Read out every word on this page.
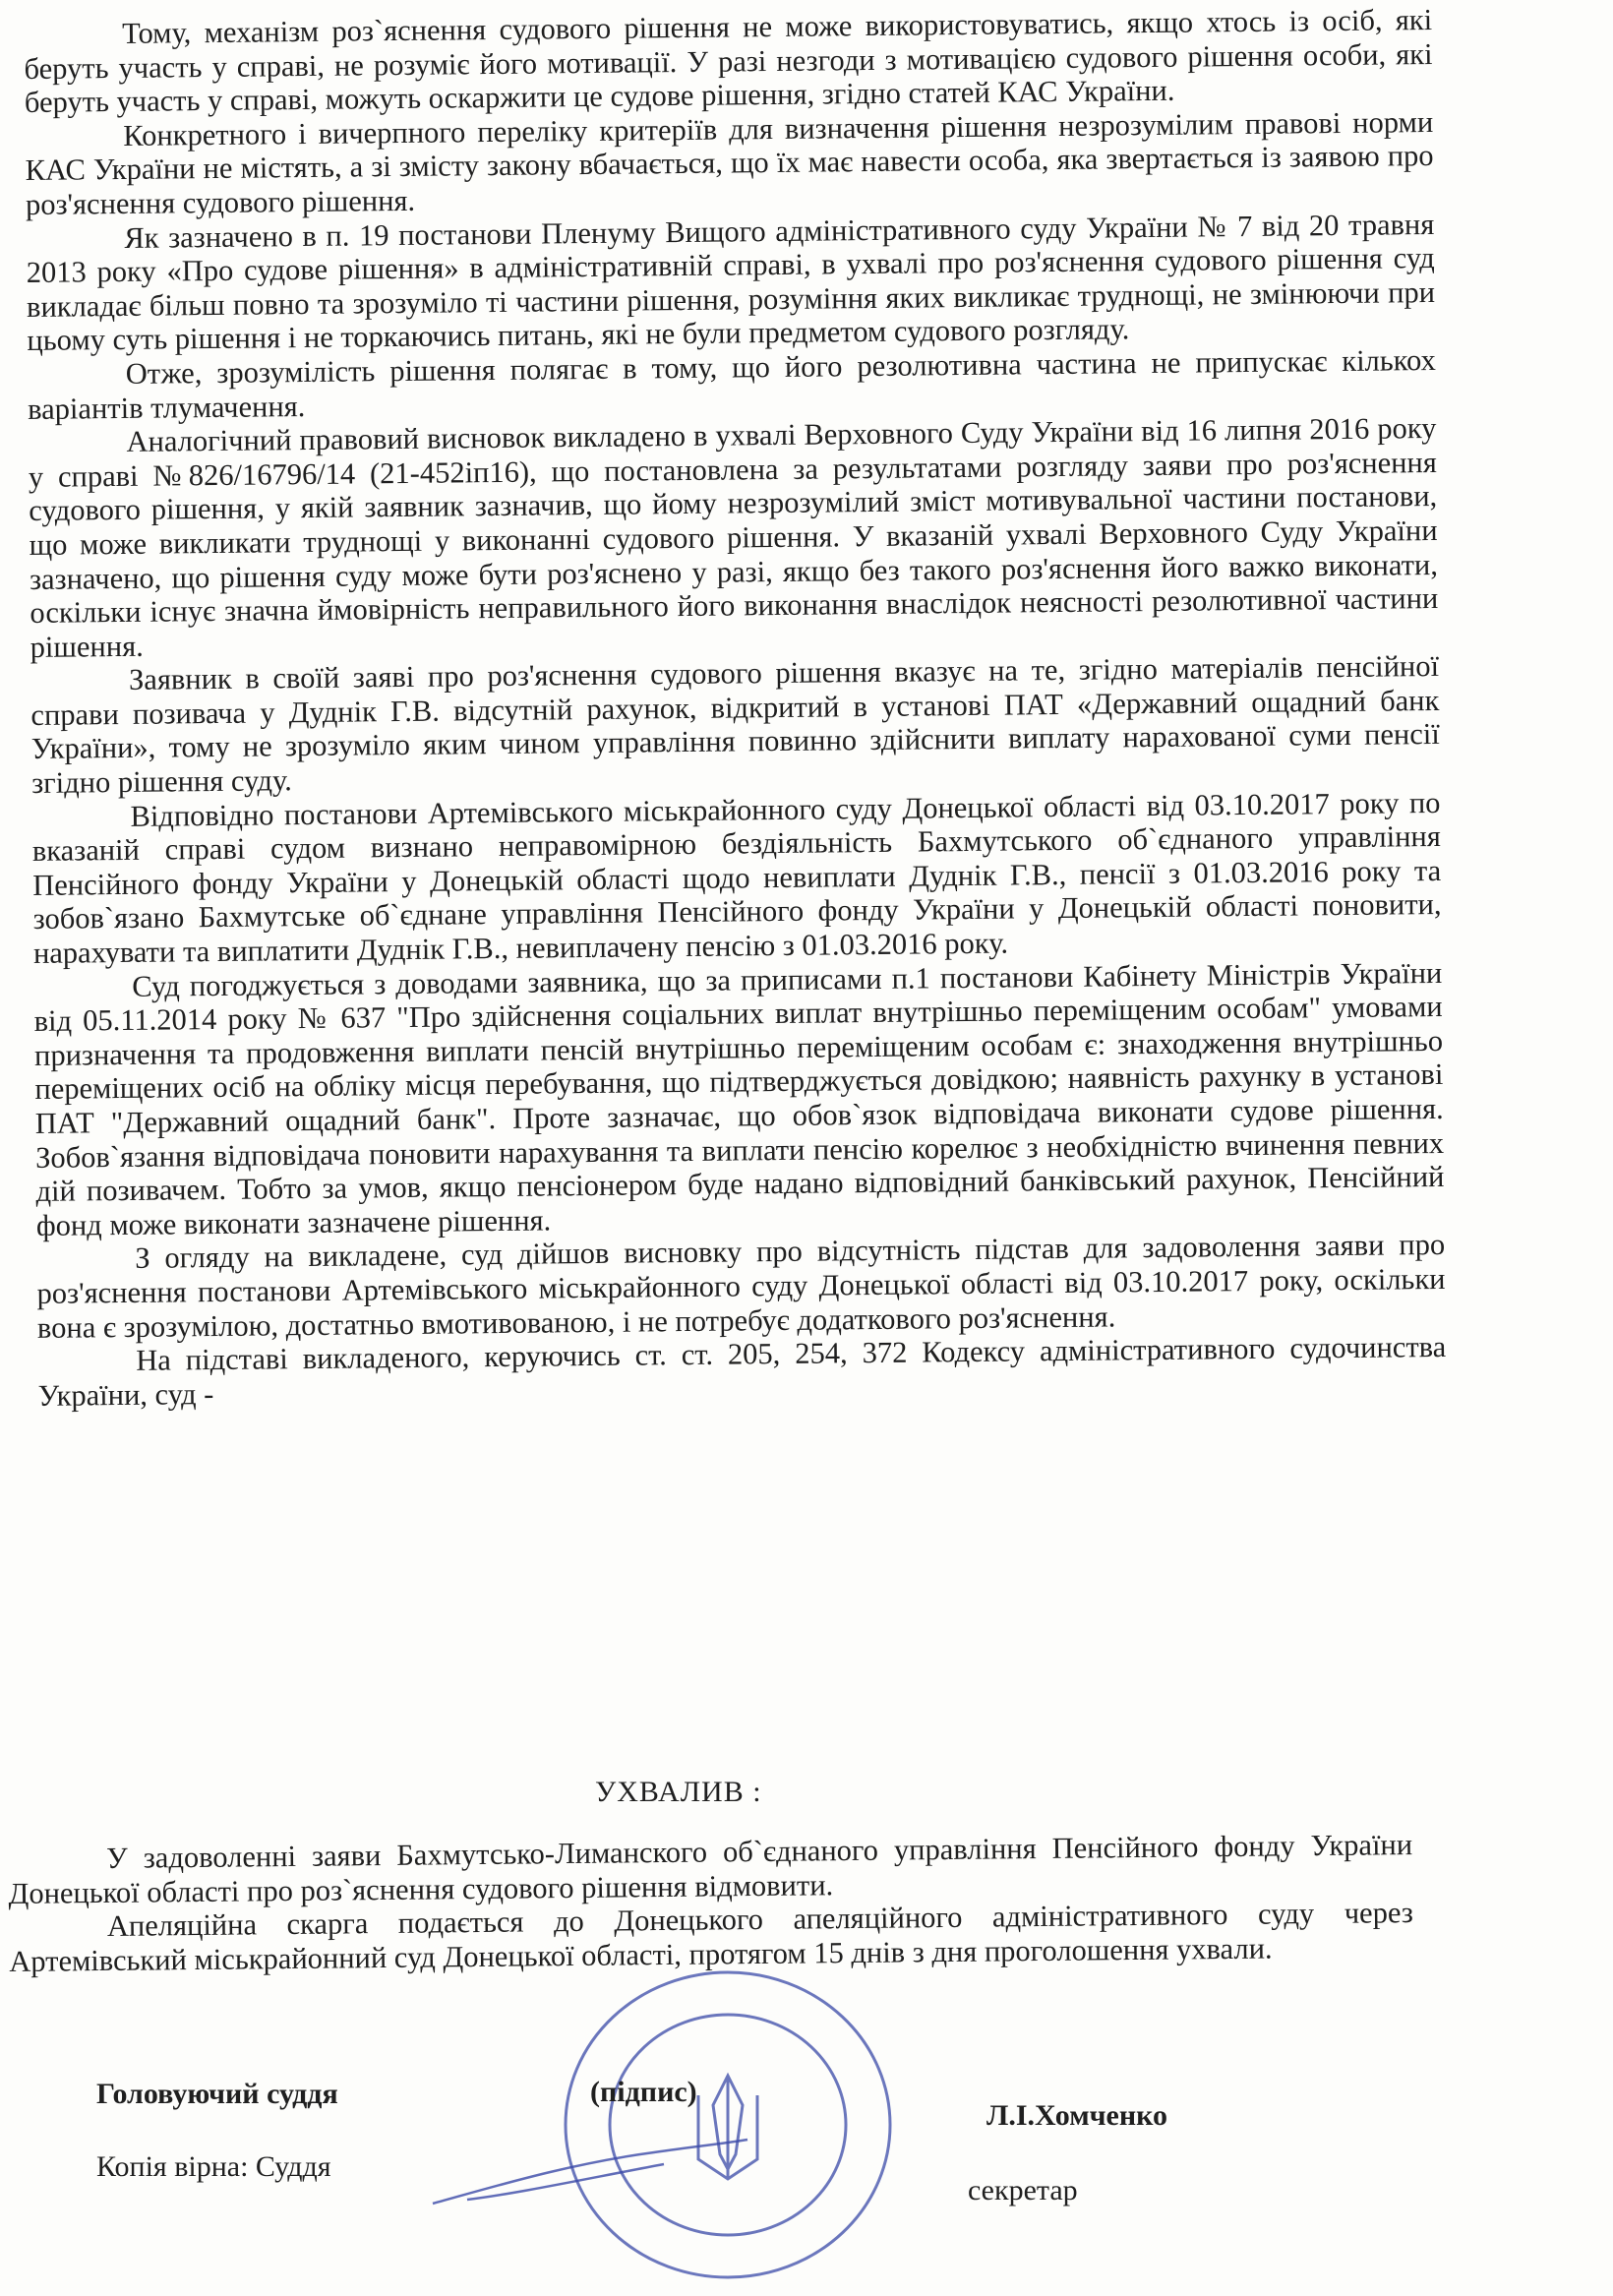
Тому, механізм роз`яснення судового рішення не може використовуватись, якщо хтось із осіб, які беруть участь у справі, не розуміє його мотивації. У разі незгоди з мотивацією судового рішення особи, які беруть участь у справі, можуть оскаржити це судове рішення, згідно статей КАС України.

Конкретного і вичерпного переліку критеріїв для визначення рішення незрозумілим правові норми КАС України не містять, а зі змісту закону вбачається, що їх має навести особа, яка звертається із заявою про роз'яснення судового рішення.

Як зазначено в п. 19 постанови Пленуму Вищого адміністративного суду України № 7 від 20 травня 2013 року «Про судове рішення» в адміністративній справі, в ухвалі про роз'яснення судового рішення суд викладає більш повно та зрозуміло ті частини рішення, розуміння яких викликає труднощі, не змінюючи при цьому суть рішення і не торкаючись питань, які не були предметом судового розгляду.

Отже, зрозумілість рішення полягає в тому, що його резолютивна частина не припускає кількох варіантів тлумачення.

Аналогічний правовий висновок викладено в ухвалі Верховного Суду України від 16 липня 2016 року у справі №826/16796/14 (21-452іп16), що постановлена за результатами розгляду заяви про роз'яснення судового рішення, у якій заявник зазначив, що йому незрозумілий зміст мотивувальної частини постанови, що може викликати труднощі у виконанні судового рішення. У вказаній ухвалі Верховного Суду України зазначено, що рішення суду може бути роз'яснено у разі, якщо без такого роз'яснення його важко виконати, оскільки існує значна ймовірність неправильного його виконання внаслідок неясності резолютивної частини рішення.

Заявник в своїй заяві про роз'яснення судового рішення вказує на те, згідно матеріалів пенсійної справи позивача у Дуднік Г.В. відсутній рахунок, відкритий в установі ПАТ «Державний ощадний банк України», тому не зрозуміло яким чином управління повинно здійснити виплату нарахованої суми пенсії згідно рішення суду.

Відповідно постанови Артемівського міськрайонного суду Донецької області від 03.10.2017 року по вказаній справі судом визнано неправомірною бездіяльність Бахмутського об`єднаного управління Пенсійного фонду України у Донецькій області щодо невиплати Дуднік Г.В., пенсії з 01.03.2016 року та зобов`язано Бахмутське об`єднане управління Пенсійного фонду України у Донецькій області поновити, нарахувати та виплатити Дуднік Г.В., невиплачену пенсію з 01.03.2016 року.

Суд погоджується з доводами заявника, що за приписами п.1 постанови Кабінету Міністрів України від 05.11.2014 року № 637 "Про здійснення соціальних виплат внутрішньо переміщеним особам" умовами призначення та продовження виплати пенсій внутрішньо переміщеним особам є: знаходження внутрішньо переміщених осіб на обліку місця перебування, що підтверджується довідкою; наявність рахунку в установі ПАТ "Державний ощадний банк". Проте зазначає, що обов`язок відповідача виконати судове рішення. Зобов`язання відповідача поновити нарахування та виплати пенсію корелює з необхідністю вчинення певних дій позивачем. Тобто за умов, якщо пенсіонером буде надано відповідний банківський рахунок, Пенсійний фонд може виконати зазначене рішення.

З огляду на викладене, суд дійшов висновку про відсутність підстав для задоволення заяви про роз'яснення постанови Артемівського міськрайонного суду Донецької області від 03.10.2017 року, оскільки вона є зрозумілою, достатньо вмотивованою, і не потребує додаткового роз'яснення.

На підставі викладеного, керуючись ст. ст. 205, 254, 372 Кодексу адміністративного судочинства України, суд -

УХВАЛИВ :

У задоволенні заяви Бахмутсько-Лиманского об`єднаного управління Пенсійного фонду України Донецької області про роз`яснення судового рішення відмовити.

Апеляційна скарга подається до Донецького апеляційного адміністративного суду через Артемівський міськрайонний суд Донецької області, протягом 15 днів з дня проголошення ухвали.

Головуючий суддя	(підпис)
Л.І.Хомченко
Копія вірна: Суддя
секретар
